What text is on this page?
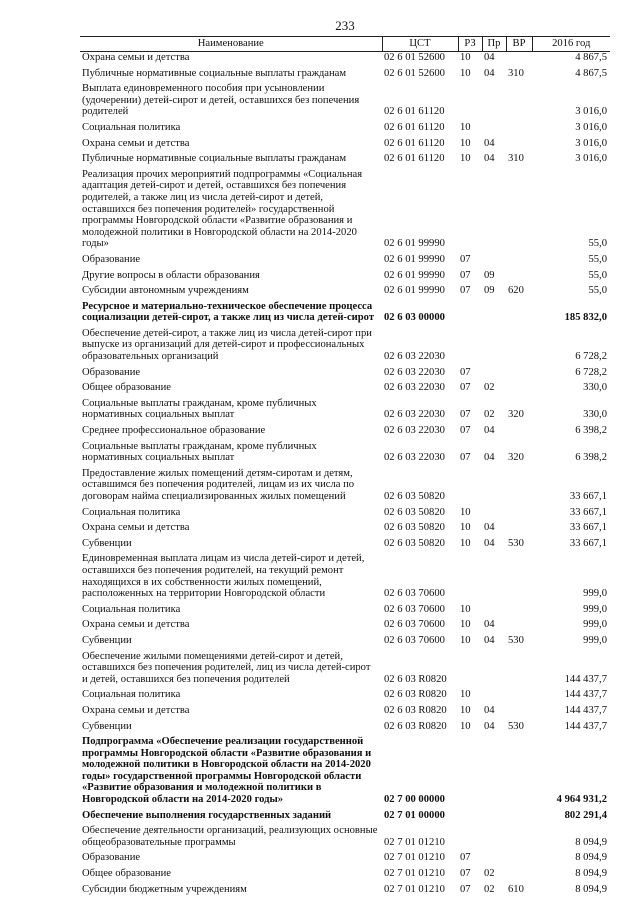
233
Наименование	ЦСТ	РЗ	Пр	ВР	2016 год
Охрана семьи и детства	02 6 01 52600	10	04		4 867,5
Публичные нормативные социальные выплаты гражданам	02 6 01 52600	10	04	310	4 867,5
Выплата единовременного пособия при усыновлении (удочерении) детей-сирот и детей, оставшихся без попечения родителей	02 6 01 61120				3 016,0
Социальная политика	02 6 01 61120	10			3 016,0
Охрана семьи и детства	02 6 01 61120	10	04		3 016,0
Публичные нормативные социальные выплаты гражданам	02 6 01 61120	10	04	310	3 016,0
Реализация прочих мероприятий подпрограммы «Социальная адаптация детей-сирот и детей, оставшихся без попечения родителей, а также лиц из числа детей-сирот и детей, оставшихся без попечения родителей» государственной программы Новгородской области «Развитие образования и молодежной политики в Новгородской области на 2014-2020 годы»	02 6 01 99990				55,0
Образование	02 6 01 99990	07			55,0
Другие вопросы в области образования	02 6 01 99990	07	09		55,0
Субсидии автономным учреждениям	02 6 01 99990	07	09	620	55,0
Ресурсное и материально-техническое обеспечение процесса социализации детей-сирот, а также лиц из числа детей-сирот	02 6 03 00000				185 832,0
Обеспечение детей-сирот, а также лиц из числа детей-сирот при выпуске из организаций для детей-сирот и профессиональных образовательных организаций	02 6 03 22030				6 728,2
Образование	02 6 03 22030	07			6 728,2
Общее образование	02 6 03 22030	07	02		330,0
Социальные выплаты гражданам, кроме публичных нормативных социальных выплат	02 6 03 22030	07	02	320	330,0
Среднее профессиональное образование	02 6 03 22030	07	04		6 398,2
Социальные выплаты гражданам, кроме публичных нормативных социальных выплат	02 6 03 22030	07	04	320	6 398,2
Предоставление жилых помещений детям-сиротам и детям, оставшимся без попечения родителей, лицам из их числа по договорам найма специализированных жилых помещений	02 6 03 50820				33 667,1
Социальная политика	02 6 03 50820	10			33 667,1
Охрана семьи и детства	02 6 03 50820	10	04		33 667,1
Субвенции	02 6 03 50820	10	04	530	33 667,1
Единовременная выплата лицам из числа детей-сирот и детей, оставшихся без попечения родителей, на текущий ремонт находящихся в их собственности жилых помещений, расположенных на территории Новгородской области	02 6 03 70600				999,0
Социальная политика	02 6 03 70600	10			999,0
Охрана семьи и детства	02 6 03 70600	10	04		999,0
Субвенции	02 6 03 70600	10	04	530	999,0
Обеспечение жилыми помещениями детей-сирот и детей, оставшихся без попечения родителей, лиц из числа детей-сирот и детей, оставшихся без попечения родителей	02 6 03 R0820				144 437,7
Социальная политика	02 6 03 R0820	10			144 437,7
Охрана семьи и детства	02 6 03 R0820	10	04		144 437,7
Субвенции	02 6 03 R0820	10	04	530	144 437,7
Подпрограмма «Обеспечение реализации государственной программы Новгородской области «Развитие образования и молодежной политики в Новгородской области на 2014-2020 годы» государственной программы Новгородской области «Развитие образования и молодежной политики в Новгородской области на 2014-2020 годы»	02 7 00 00000				4 964 931,2
Обеспечение выполнения государственных заданий	02 7 01 00000				802 291,4
Обеспечение деятельности организаций, реализующих основные общеобразовательные программы	02 7 01 01210				8 094,9
Образование	02 7 01 01210	07			8 094,9
Общее образование	02 7 01 01210	07	02		8 094,9
Субсидии бюджетным учреждениям	02 7 01 01210	07	02	610	8 094,9
